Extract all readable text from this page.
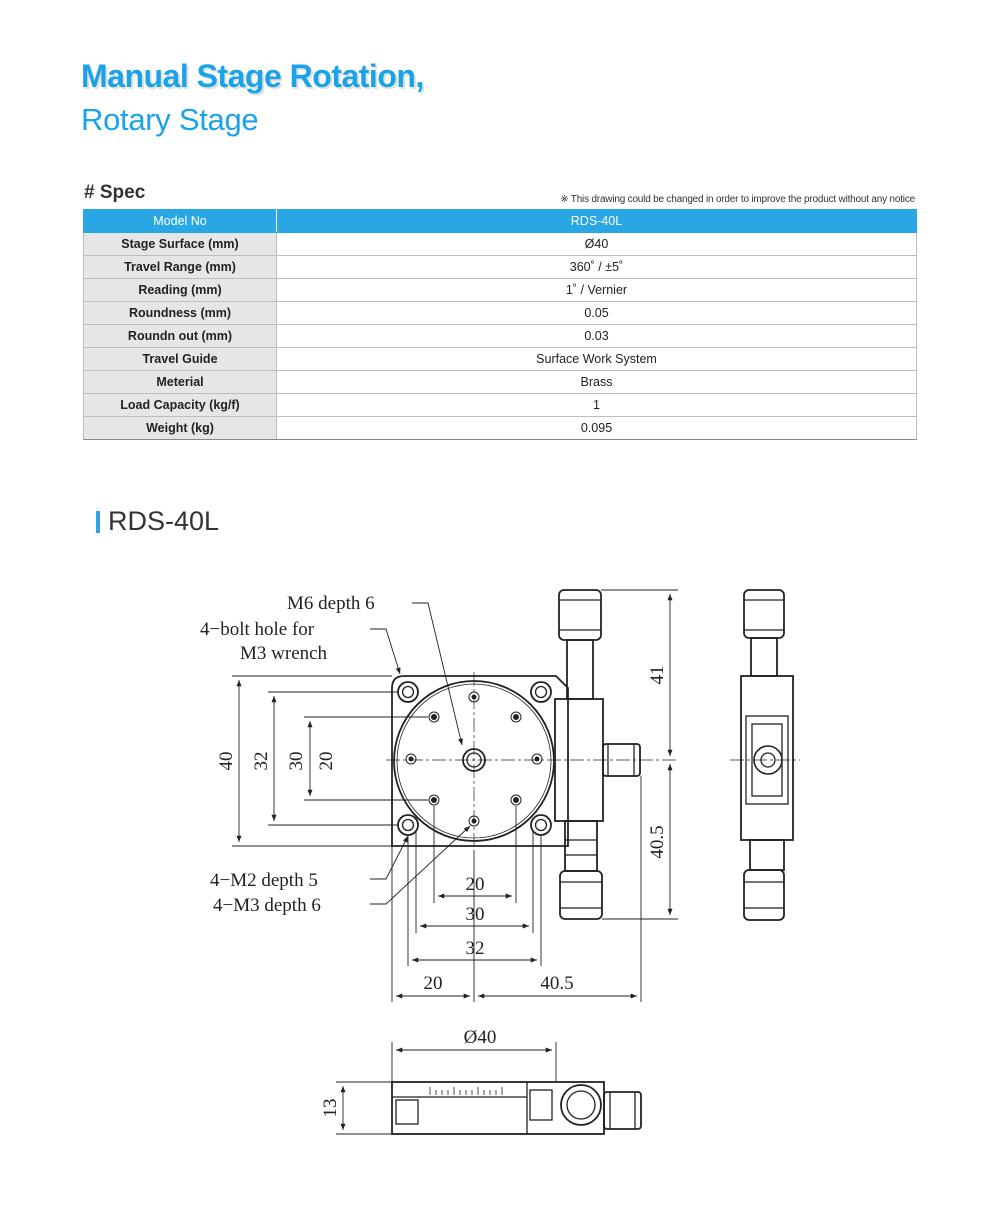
Manual Stage Rotation,
Rotary Stage
# Spec	※ This drawing could be changed in order to improve the product without any notice
Model No	RDS-40L
Stage Surface (mm)	Ø40
Travel Range (mm)	360˚ / ±5˚
Reading (mm)	1˚ / Vernier
Roundness (mm)	0.05
Roundn out (mm)	0.03
Travel Guide	Surface Work System
Meterial	Brass
Load Capacity (kg/f)	1
Weight (kg)	0.095
RDS-40L
M6 depth 6
4−bolt hole for
M3 wrench
4−M2 depth 5
4−M3 depth 6
40 32 30 20
41
40.5
20
30
32
20	40.5
Ø40
13
